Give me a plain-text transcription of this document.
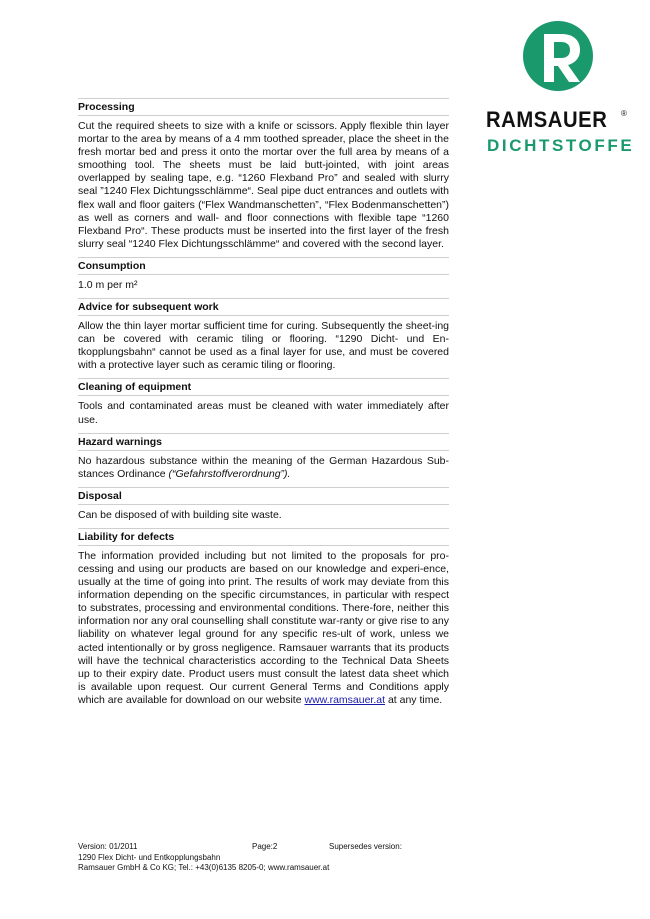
RAMSAUER ®
DICHTSTOFFE
Processing

Cut the required sheets to size with a knife or scissors. Apply flexible thin layer mortar to the area by means of a 4 mm toothed spreader, place the sheet in the fresh mortar bed and press it onto the mortar over the full area by means of a smoothing tool. The sheets must be laid butt-jointed, with joint areas overlapped by sealing tape, e.g. “1260 Flexband Pro” and sealed with slurry seal ”1240 Flex Dichtungsschlämme“. Seal pipe duct entrances and outlets with flex wall and floor gaiters (“Flex Wandmanschetten”, “Flex Bodenmanschetten”) as well as corners and wall- and floor connections with flexible tape “1260 Flexband Pro“. These products must be inserted into the first layer of the fresh slurry seal “1240 Flex Dichtungsschlämme“ and covered with the second layer.

Consumption

1.0 m per m²

Advice for subsequent work

Allow the thin layer mortar sufficient time for curing. Subsequently the sheet-ing can be covered with ceramic tiling or flooring. “1290 Dicht- und En-tkopplungsbahn“ cannot be used as a final layer for use, and must be covered with a protective layer such as ceramic tiling or flooring.

Cleaning of equipment

Tools and contaminated areas must be cleaned with water immediately after use.

Hazard warnings

No hazardous substance within the meaning of the German Hazardous Sub-stances Ordinance (“Gefahrstoffverordnung”).

Disposal

Can be disposed of with building site waste.

Liability for defects

The information provided including but not limited to the proposals for pro-cessing and using our products are based on our knowledge and experi-ence, usually at the time of going into print. The results of work may deviate from this information depending on the specific circumstances, in particular with respect to substrates, processing and environmental conditions. There-fore, neither this information nor any oral counselling shall constitute war-ranty or give rise to any liability on whatever legal ground for any specific res-ult of work, unless we acted intentionally or by gross negligence. Ramsauer warrants that its products will have the technical characteristics according to the Technical Data Sheets up to their expiry date. Product users must consult the latest data sheet which is available upon request. Our current General Terms and Conditions apply which are available for download on our website www.ramsauer.at at any time.

Version: 01/2011	Page:2	Supersedes version:
1290 Flex Dicht- und Entkopplungsbahn
Ramsauer GmbH & Co KG; Tel.: +43(0)6135 8205-0; www.ramsauer.at
